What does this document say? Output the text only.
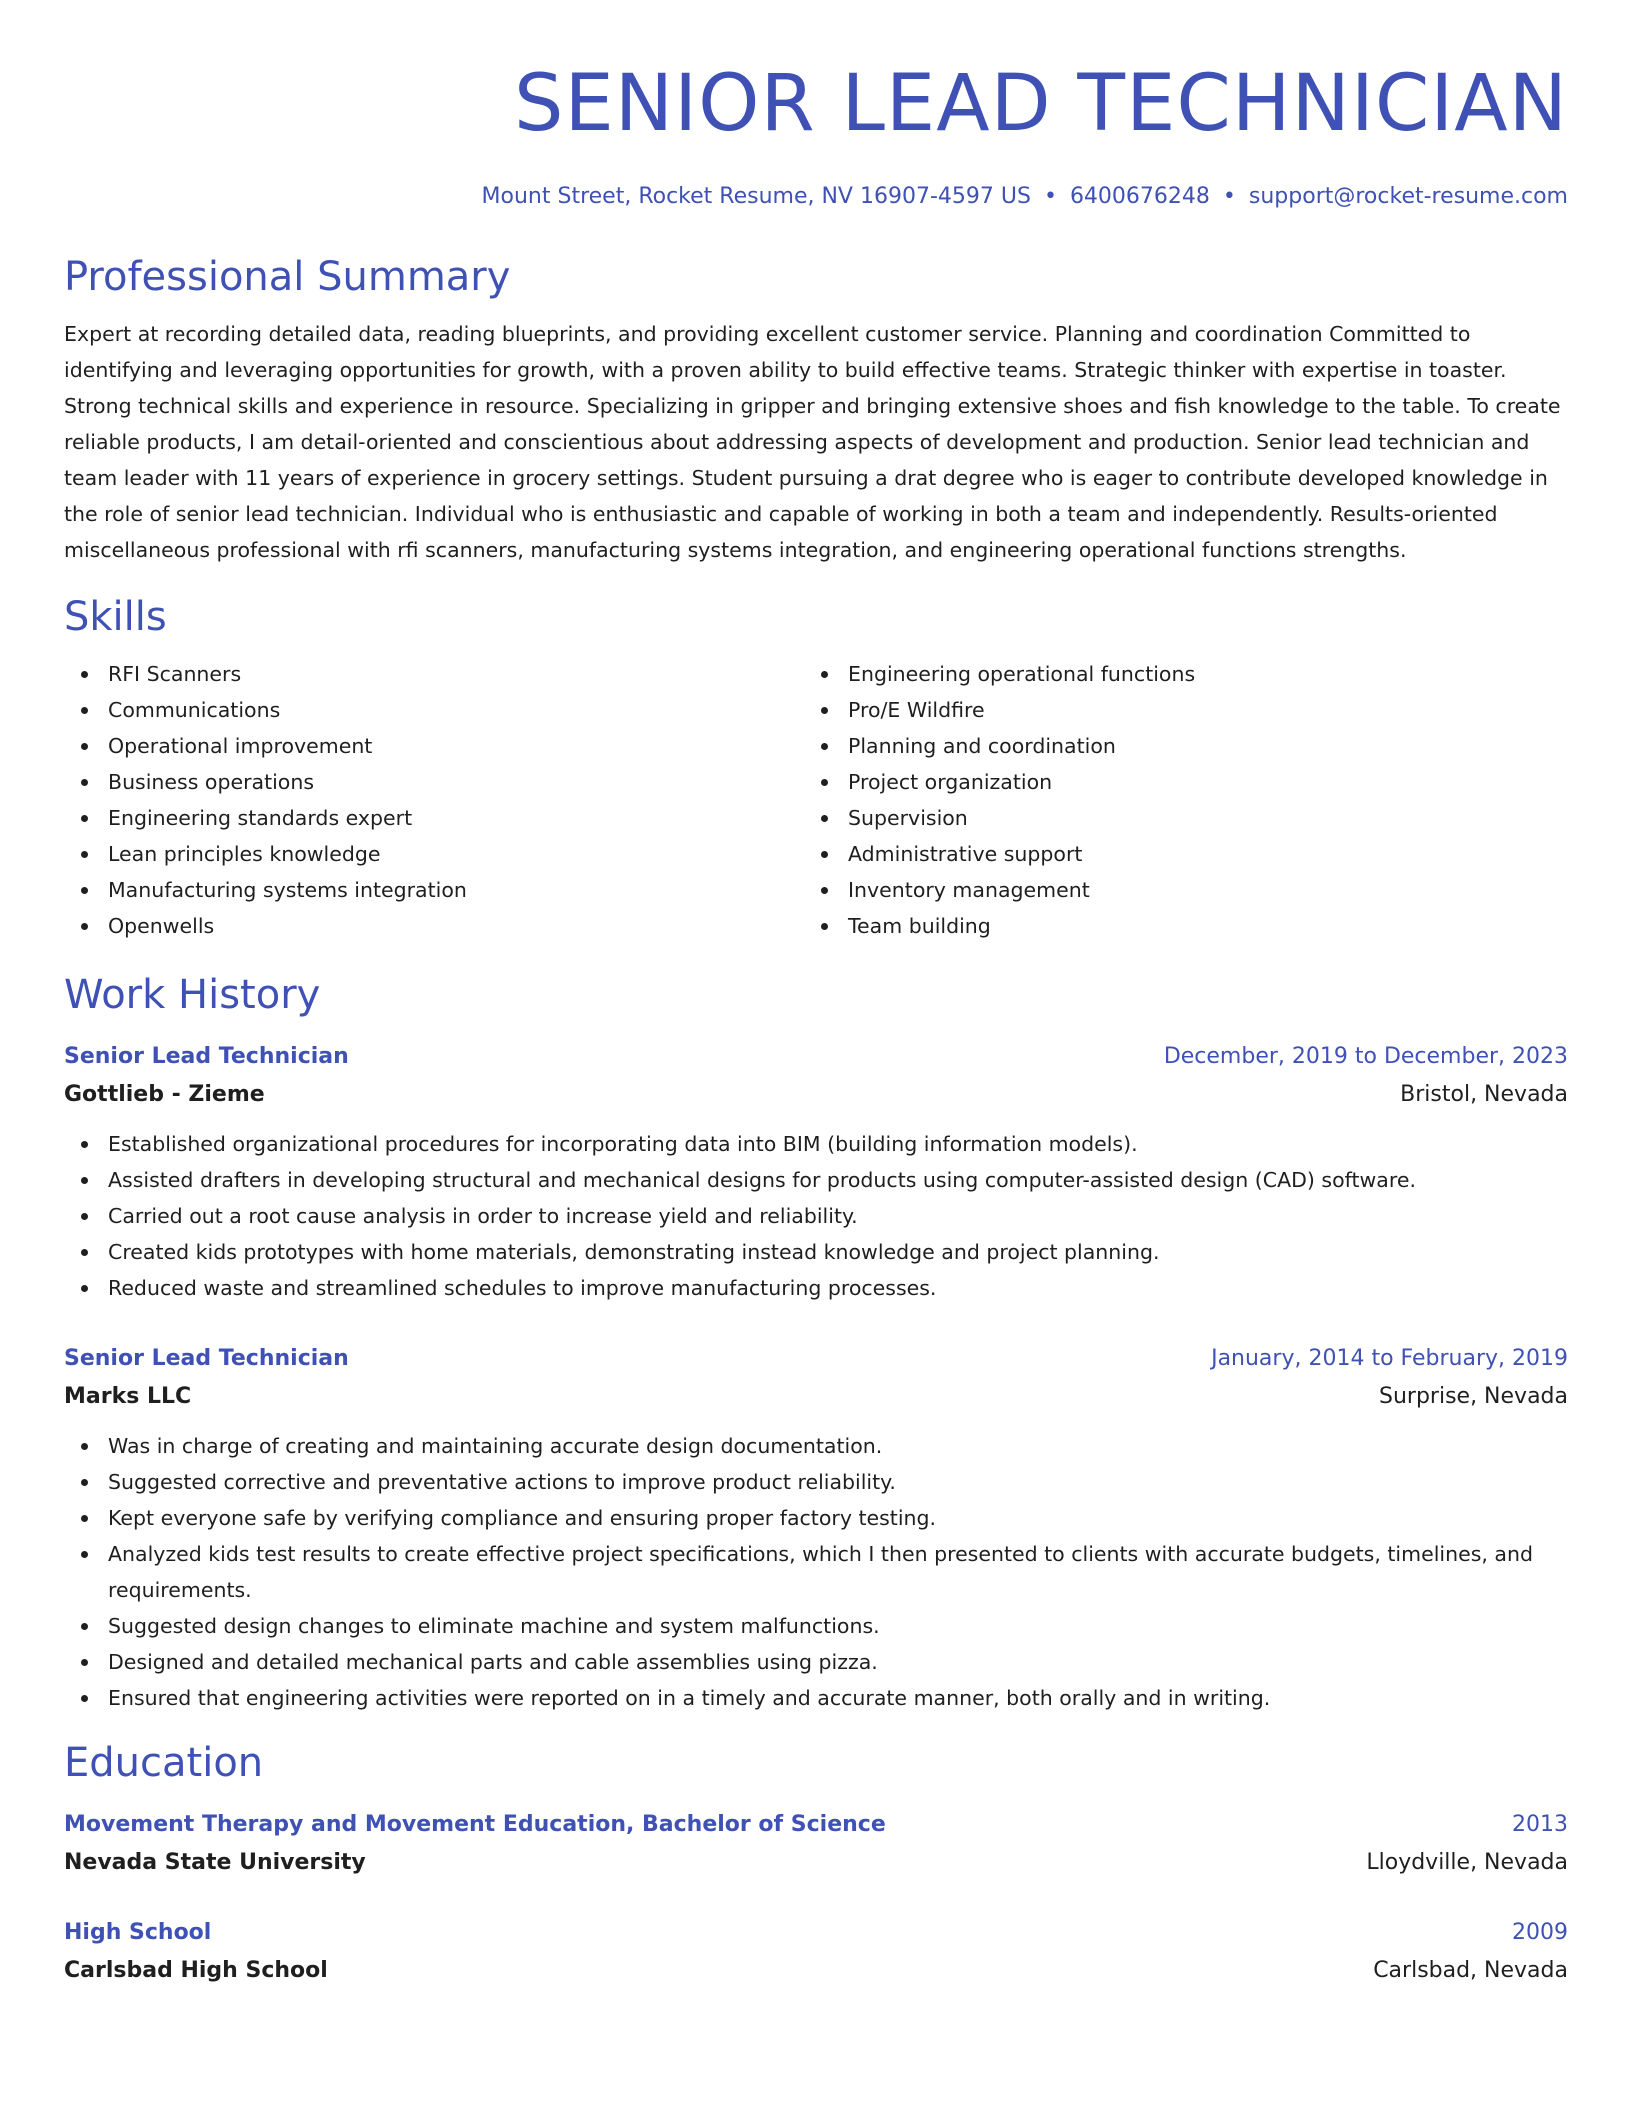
SENIOR LEAD TECHNICIAN
Mount Street, Rocket Resume, NV 16907-4597 US • 6400676248 • support@rocket-resume.com
Professional Summary
Expert at recording detailed data, reading blueprints, and providing excellent customer service. Planning and coordination Committed to identifying and leveraging opportunities for growth, with a proven ability to build effective teams. Strategic thinker with expertise in toaster. Strong technical skills and experience in resource. Specializing in gripper and bringing extensive shoes and fish knowledge to the table. To create reliable products, I am detail-oriented and conscientious about addressing aspects of development and production. Senior lead technician and team leader with 11 years of experience in grocery settings. Student pursuing a drat degree who is eager to contribute developed knowledge in the role of senior lead technician. Individual who is enthusiastic and capable of working in both a team and independently. Results-oriented miscellaneous professional with rfi scanners, manufacturing systems integration, and engineering operational functions strengths.
Skills
RFI Scanners
Communications
Operational improvement
Business operations
Engineering standards expert
Lean principles knowledge
Manufacturing systems integration
Openwells
Engineering operational functions
Pro/E Wildfire
Planning and coordination
Project organization
Supervision
Administrative support
Inventory management
Team building
Work History
Senior Lead Technician	December, 2019 to December, 2023
Gottlieb - Zieme	Bristol, Nevada
Established organizational procedures for incorporating data into BIM (building information models).
Assisted drafters in developing structural and mechanical designs for products using computer-assisted design (CAD) software.
Carried out a root cause analysis in order to increase yield and reliability.
Created kids prototypes with home materials, demonstrating instead knowledge and project planning.
Reduced waste and streamlined schedules to improve manufacturing processes.
Senior Lead Technician	January, 2014 to February, 2019
Marks LLC	Surprise, Nevada
Was in charge of creating and maintaining accurate design documentation.
Suggested corrective and preventative actions to improve product reliability.
Kept everyone safe by verifying compliance and ensuring proper factory testing.
Analyzed kids test results to create effective project specifications, which I then presented to clients with accurate budgets, timelines, and requirements.
Suggested design changes to eliminate machine and system malfunctions.
Designed and detailed mechanical parts and cable assemblies using pizza.
Ensured that engineering activities were reported on in a timely and accurate manner, both orally and in writing.
Education
Movement Therapy and Movement Education, Bachelor of Science	2013
Nevada State University	Lloydville, Nevada
High School	2009
Carlsbad High School	Carlsbad, Nevada
